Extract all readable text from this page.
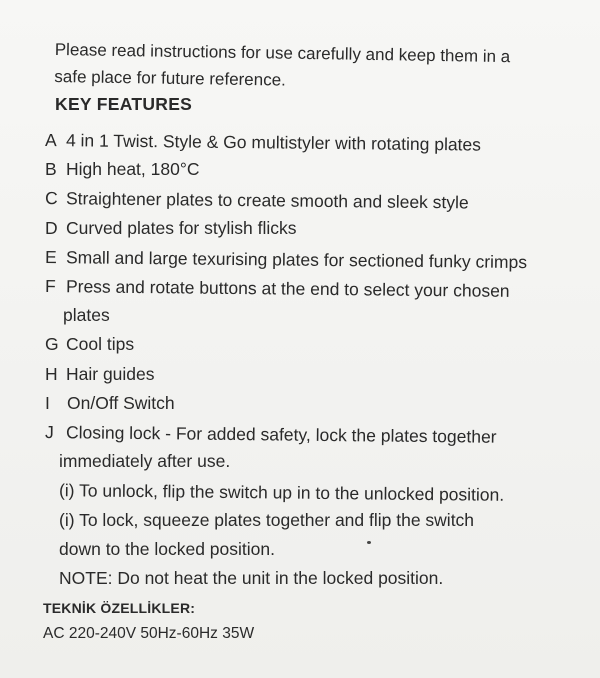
Please read instructions for use carefully and keep them in a
safe place for future reference.
KEY FEATURES
A 4 in 1 Twist. Style & Go multistyler with rotating plates
B High heat, 180°C
C Straightener plates to create smooth and sleek style
D Curved plates for stylish flicks
E Small and large texurising plates for sectioned funky crimps
F Press and rotate buttons at the end to select your chosen
plates
G Cool tips
H Hair guides
I On/Off Switch
J Closing lock - For added safety, lock the plates together
immediately after use.
(i) To unlock, flip the switch up in to the unlocked position.
(i) To lock, squeeze plates together and flip the switch
down to the locked position.
NOTE: Do not heat the unit in the locked position.
TEKNİK ÖZELLİKLER:
AC 220-240V 50Hz-60Hz 35W
